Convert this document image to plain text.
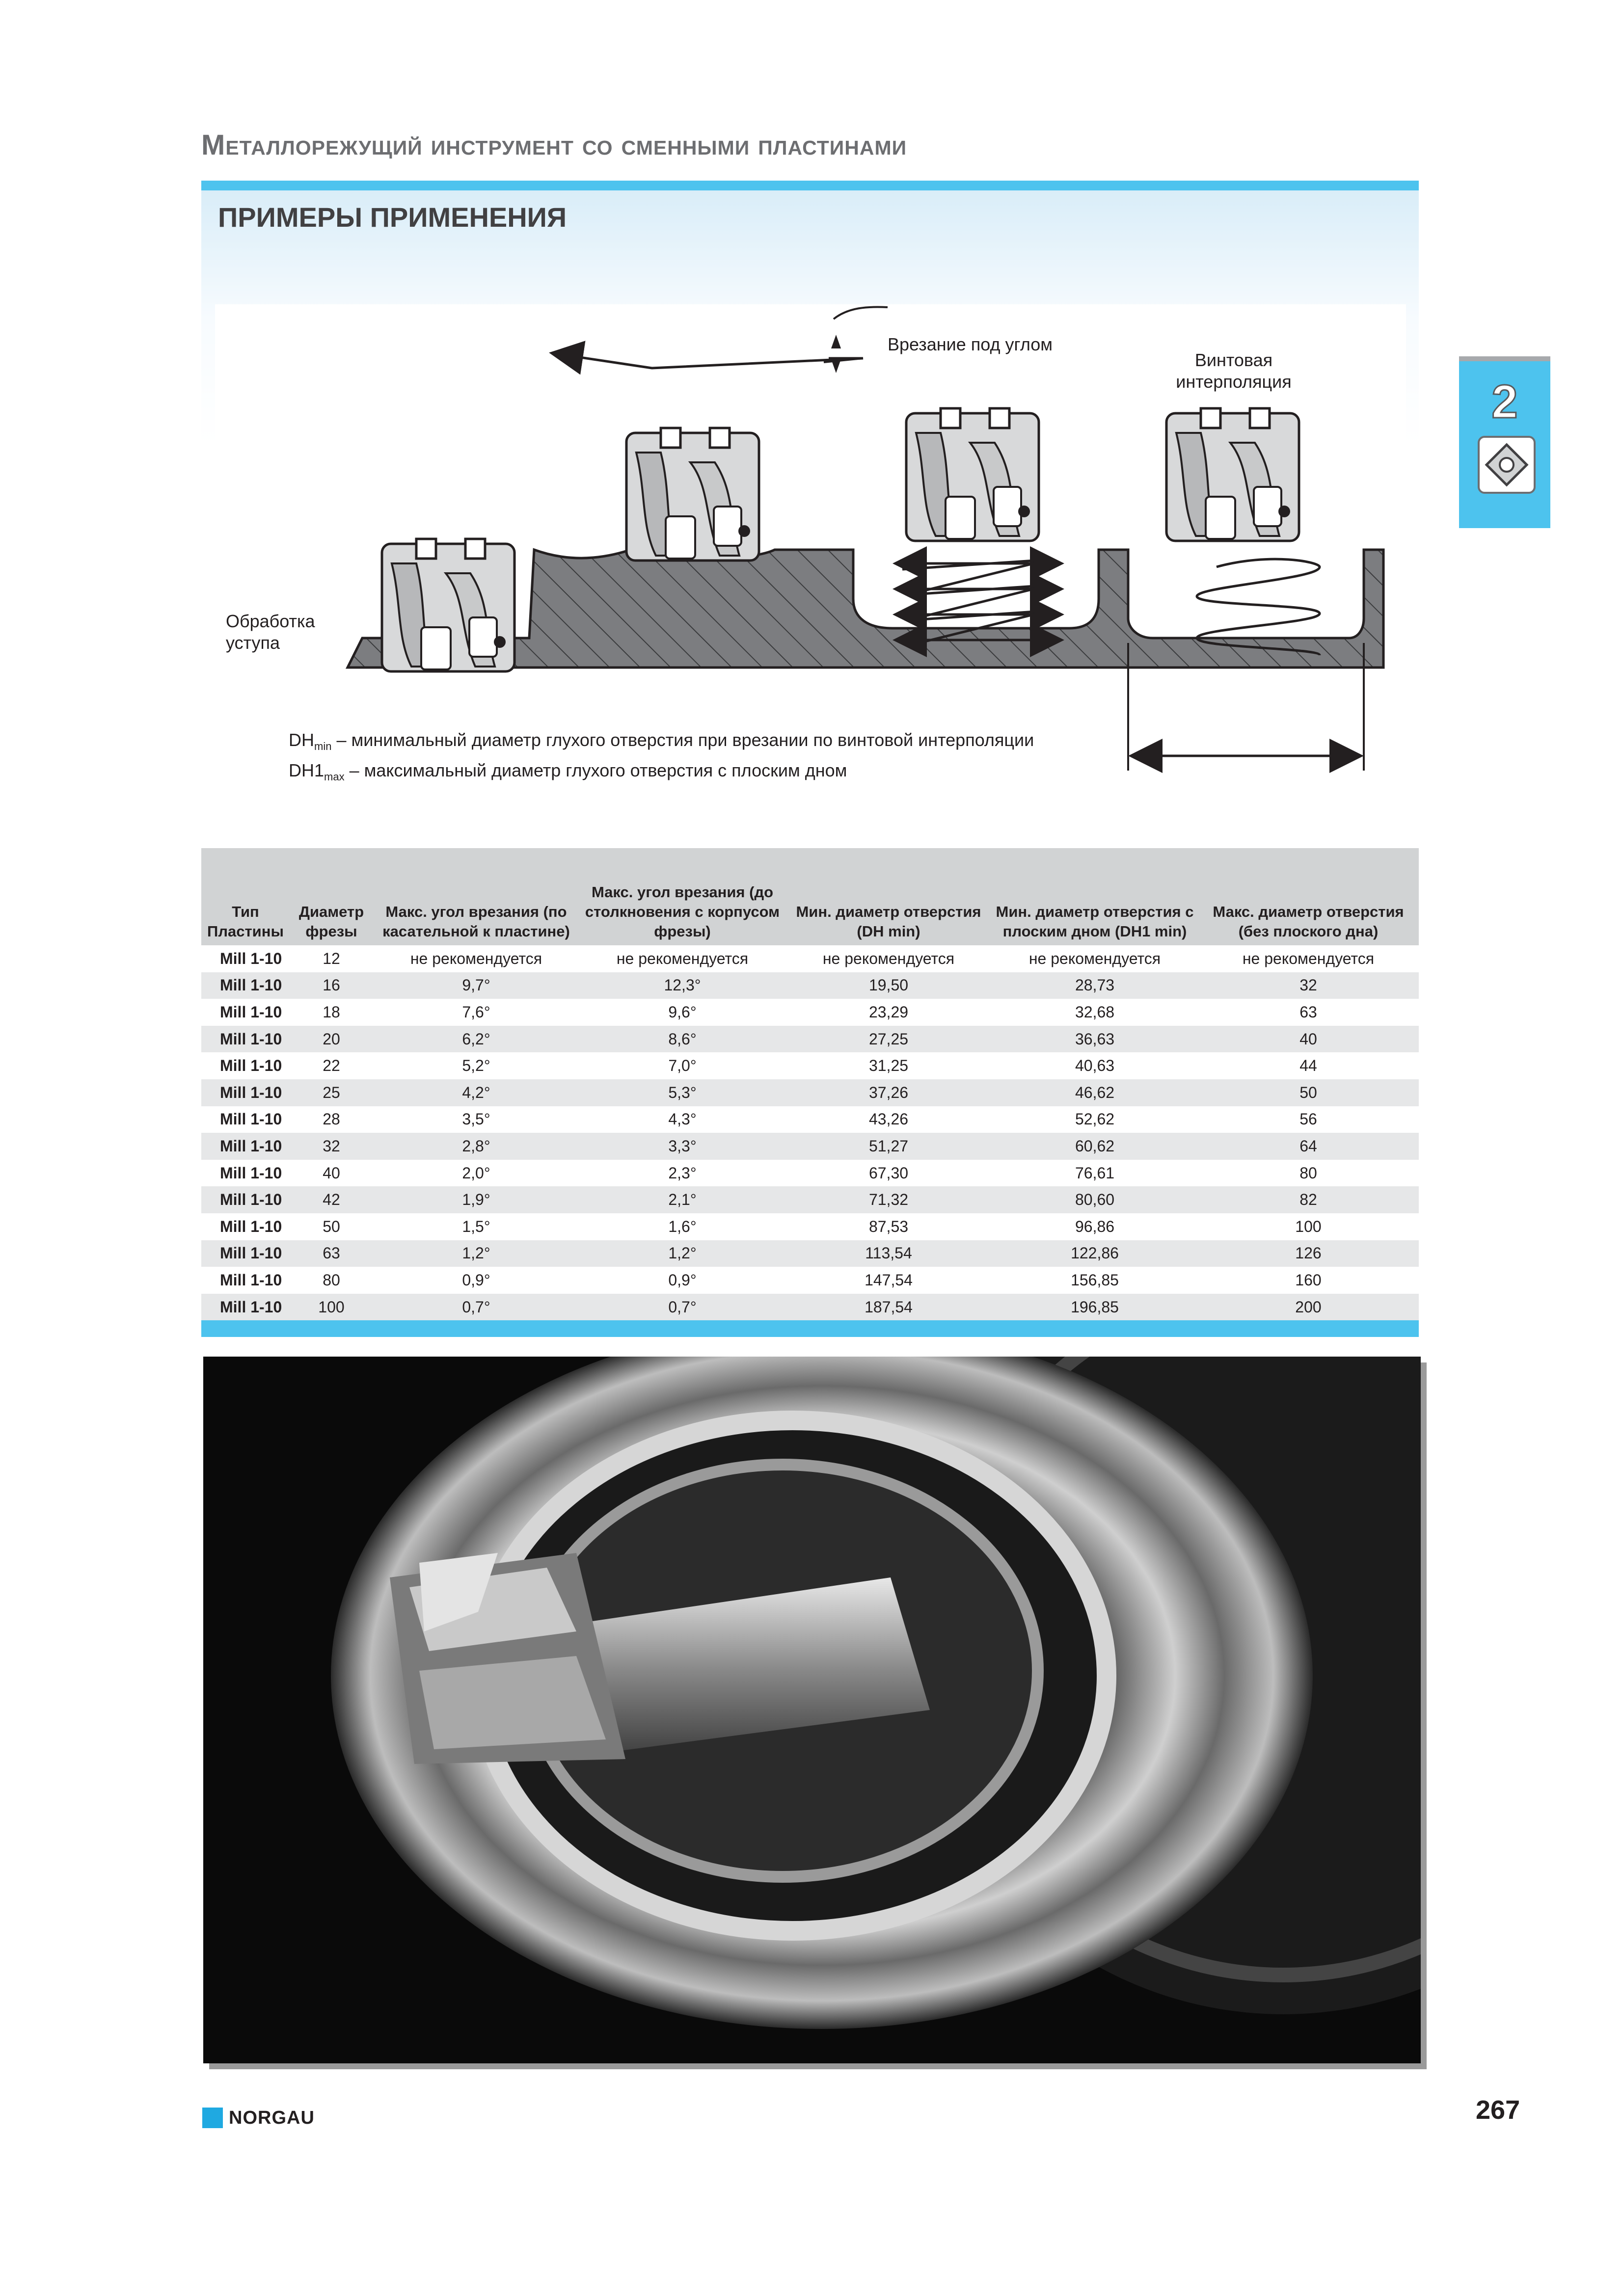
Металлорежущий инструмент со сменными пластинами
ПРИМЕРЫ ПРИМЕНЕНИЯ
2
Врезание под углом
Винтовая интерполяция
Обработка уступа
$DH_{min}$ – минимальный диаметр глухого отверстия при врезании по винтовой интерполяции
$DH1_{max}$ – максимальный диаметр глухого отверстия с плоским дном
Тип Пластины	Диаметр фрезы	Макс. угол врезания (по касательной к пластине)	Макс. угол врезания (до столкновения с корпусом фрезы)	Мин. диаметр отверстия (DH min)	Мин. диаметр отверстия с плоским дном (DH1 min)	Макс. диаметр отверстия (без плоского дна)
Mill 1-10	12	не рекомендуется	не рекомендуется	не рекомендуется	не рекомендуется	не рекомендуется
Mill 1-10	16	9,7°	12,3°	19,50	28,73	32
Mill 1-10	18	7,6°	9,6°	23,29	32,68	63
Mill 1-10	20	6,2°	8,6°	27,25	36,63	40
Mill 1-10	22	5,2°	7,0°	31,25	40,63	44
Mill 1-10	25	4,2°	5,3°	37,26	46,62	50
Mill 1-10	28	3,5°	4,3°	43,26	52,62	56
Mill 1-10	32	2,8°	3,3°	51,27	60,62	64
Mill 1-10	40	2,0°	2,3°	67,30	76,61	80
Mill 1-10	42	1,9°	2,1°	71,32	80,60	82
Mill 1-10	50	1,5°	1,6°	87,53	96,86	100
Mill 1-10	63	1,2°	1,2°	113,54	122,86	126
Mill 1-10	80	0,9°	0,9°	147,54	156,85	160
Mill 1-10	100	0,7°	0,7°	187,54	196,85	200
NORGAU	267
